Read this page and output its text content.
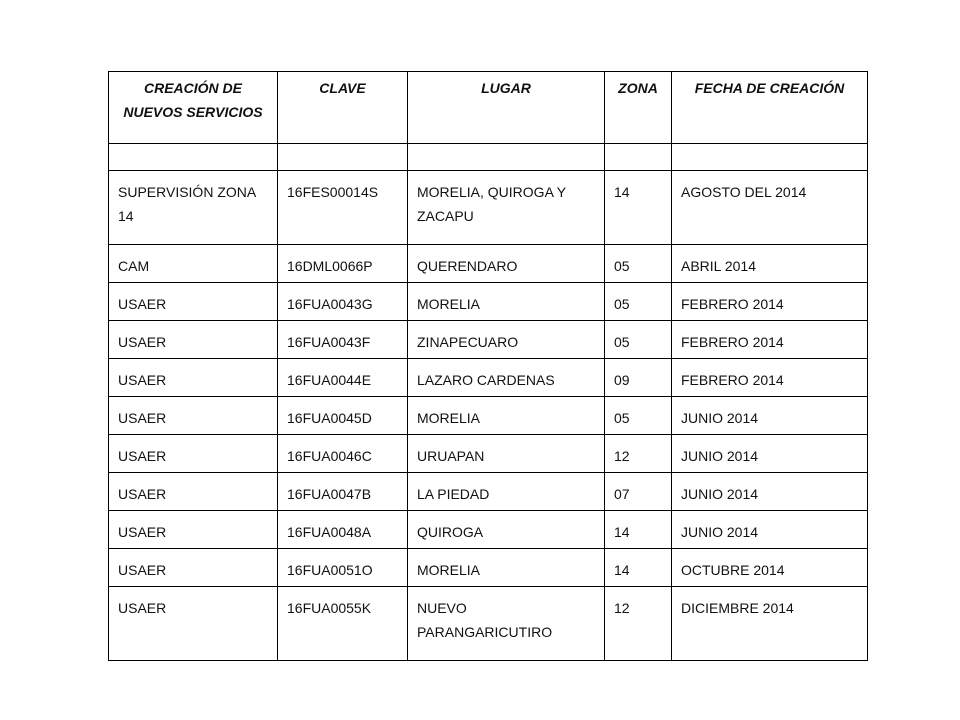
CREACIÓN DE NUEVOS SERVICIOS	CLAVE	LUGAR	ZONA	FECHA DE CREACIÓN

SUPERVISIÓN ZONA 14	16FES00014S	MORELIA, QUIROGA Y ZACAPU	14	AGOSTO DEL 2014
CAM	16DML0066P	QUERENDARO	05	ABRIL 2014
USAER	16FUA0043G	MORELIA	05	FEBRERO 2014
USAER	16FUA0043F	ZINAPECUARO	05	FEBRERO 2014
USAER	16FUA0044E	LAZARO CARDENAS	09	FEBRERO 2014
USAER	16FUA0045D	MORELIA	05	JUNIO 2014
USAER	16FUA0046C	URUAPAN	12	JUNIO 2014
USAER	16FUA0047B	LA PIEDAD	07	JUNIO 2014
USAER	16FUA0048A	QUIROGA	14	JUNIO 2014
USAER	16FUA0051O	MORELIA	14	OCTUBRE 2014
USAER	16FUA0055K	NUEVO PARANGARICUTIRO	12	DICIEMBRE 2014
